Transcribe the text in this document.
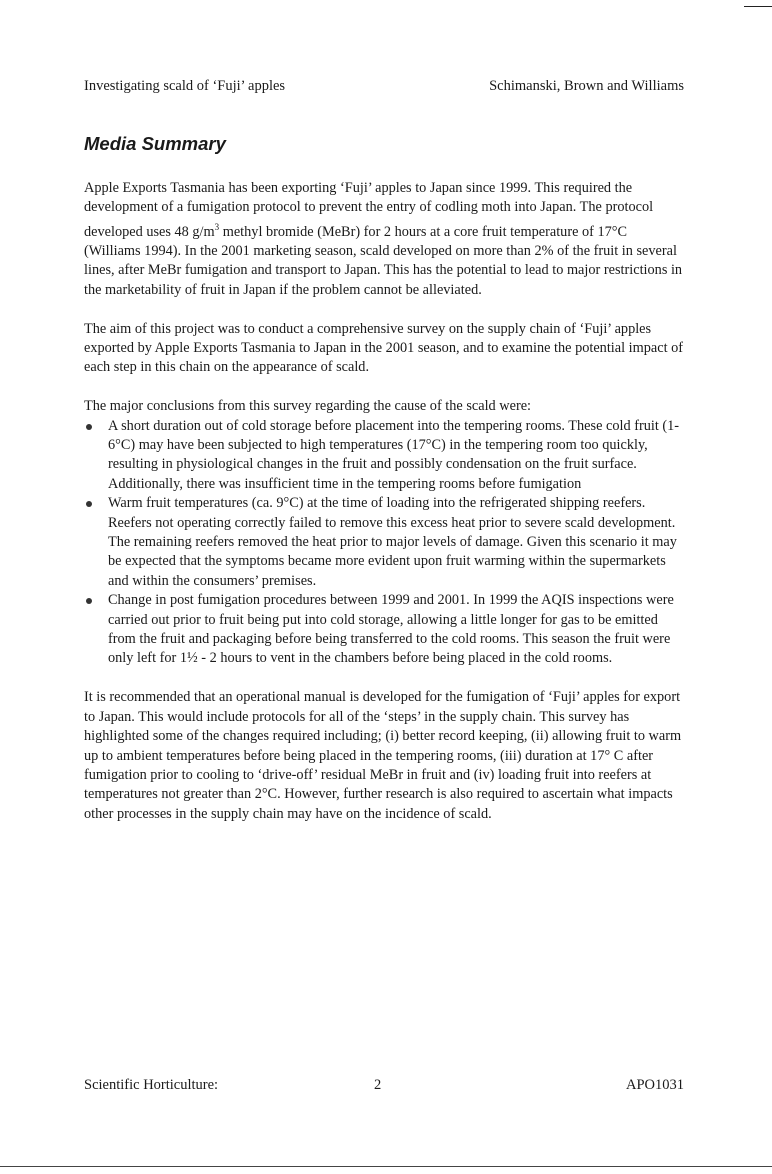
Investigating scald of ‘Fuji’ apples	Schimanski, Brown and Williams
Media Summary

Apple Exports Tasmania has been exporting ‘Fuji’ apples to Japan since 1999. This required the development of a fumigation protocol to prevent the entry of codling moth into Japan. The protocol developed uses 48 $g/m^3$ methyl bromide (MeBr) for 2 hours at a core fruit temperature of 17°C (Williams 1994). In the 2001 marketing season, scald developed on more than 2% of the fruit in several lines, after MeBr fumigation and transport to Japan. This has the potential to lead to major restrictions in the marketability of fruit in Japan if the problem cannot be alleviated.

The aim of this project was to conduct a comprehensive survey on the supply chain of ‘Fuji’ apples exported by Apple Exports Tasmania to Japan in the 2001 season, and to examine the potential impact of each step in this chain on the appearance of scald.

The major conclusions from this survey regarding the cause of the scald were:

A short duration out of cold storage before placement into the tempering rooms. These cold fruit (1-6°C) may have been subjected to high temperatures (17°C) in the tempering room too quickly, resulting in physiological changes in the fruit and possibly condensation on the fruit surface. Additionally, there was insufficient time in the tempering rooms before fumigation
Warm fruit temperatures (ca. 9°C) at the time of loading into the refrigerated shipping reefers. Reefers not operating correctly failed to remove this excess heat prior to severe scald development. The remaining reefers removed the heat prior to major levels of damage. Given this scenario it may be expected that the symptoms became more evident upon fruit warming within the supermarkets and within the consumers’ premises.
Change in post fumigation procedures between 1999 and 2001. In 1999 the AQIS inspections were carried out prior to fruit being put into cold storage, allowing a little longer for gas to be emitted from the fruit and packaging before being transferred to the cold rooms. This season the fruit were only left for 1½ - 2 hours to vent in the chambers before being placed in the cold rooms.

It is recommended that an operational manual is developed for the fumigation of ‘Fuji’ apples for export to Japan. This would include protocols for all of the ‘steps’ in the supply chain. This survey has highlighted some of the changes required including; (i) better record keeping, (ii) allowing fruit to warm up to ambient temperatures before being placed in the tempering rooms, (iii) duration at 17° C after fumigation prior to cooling to ‘drive-off’ residual MeBr in fruit and (iv) loading fruit into reefers at temperatures not greater than 2°C. However, further research is also required to ascertain what impacts other processes in the supply chain may have on the incidence of scald.

Scientific Horticulture:	2	APO1031
